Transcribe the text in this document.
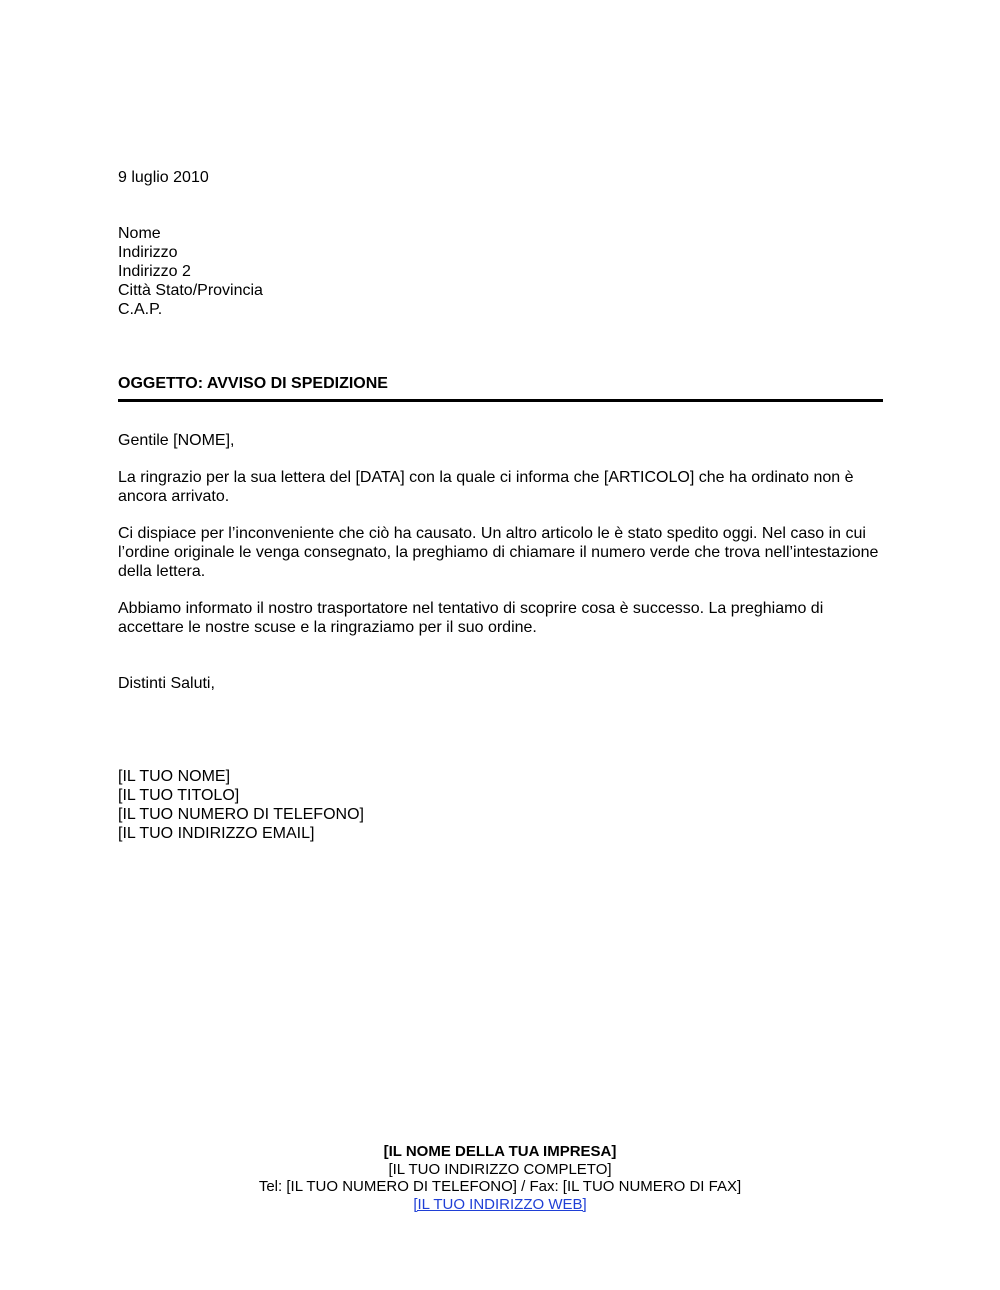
9 luglio 2010
Nome
Indirizzo
Indirizzo 2
Città Stato/Provincia
C.A.P.
OGGETTO: AVVISO DI SPEDIZIONE
Gentile [NOME],
La ringrazio per la sua lettera del [DATA] con la quale ci informa che [ARTICOLO] che ha ordinato non è ancora arrivato.
Ci dispiace per l’inconveniente che ciò ha causato. Un altro articolo le è stato spedito oggi. Nel caso in cui l’ordine originale le venga consegnato, la preghiamo di chiamare il numero verde che trova nell’intestazione della lettera.
Abbiamo informato il nostro trasportatore nel tentativo di scoprire cosa è successo. La preghiamo di accettare le nostre scuse e la ringraziamo per il suo ordine.
Distinti Saluti,
[IL TUO NOME]
[IL TUO TITOLO]
[IL TUO NUMERO DI TELEFONO]
[IL TUO INDIRIZZO EMAIL]
[IL NOME DELLA TUA IMPRESA]
[IL TUO INDIRIZZO COMPLETO]
Tel: [IL TUO NUMERO DI TELEFONO] / Fax: [IL TUO NUMERO DI FAX]
[IL TUO INDIRIZZO WEB]
